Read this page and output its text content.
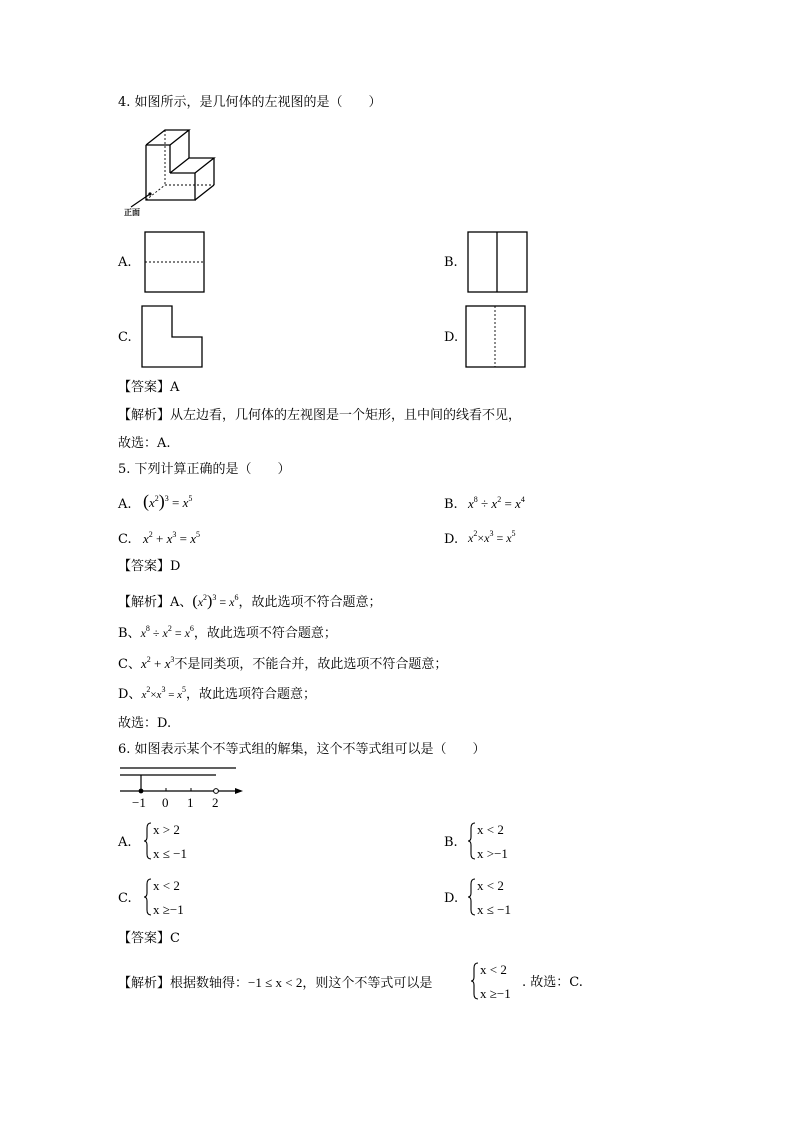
4. 如图所示，是几何体的左视图的是（　　）
正面
A.	B.
C.	D.
【答案】A
【解析】从左边看，几何体的左视图是一个矩形，且中间的线看不见，
故选：A.
5. 下列计算正确的是（　　）
A. $(x^2)^3 = x^5$	B. $x^8 \div x^2 = x^4$
C. $x^2 + x^3 = x^5$	D. $x^2\times x^3 = x^5$
【答案】D
【解析】A、$(x^2)^3 = x^6$，故此选项不符合题意；
B、$x^8 \div x^2 = x^6$，故此选项不符合题意；
C、$x^2 + x^3$不是同类项，不能合并，故此选项不符合题意；
D、$x^2\times x^3 = x^5$，故此选项符合题意；
故选：D.
6. 如图表示某个不等式组的解集，这个不等式组可以是（　　）
−1 0 1 2
A.
x > 2
x ≤ −1
B.
x < 2
x >−1
C.
x < 2
x ≥−1
D.
x < 2
x ≤ −1
【答案】C
【解析】根据数轴得：−1 ≤ x < 2，则这个不等式可以是
x < 2
x ≥−1
. 故选：C.
